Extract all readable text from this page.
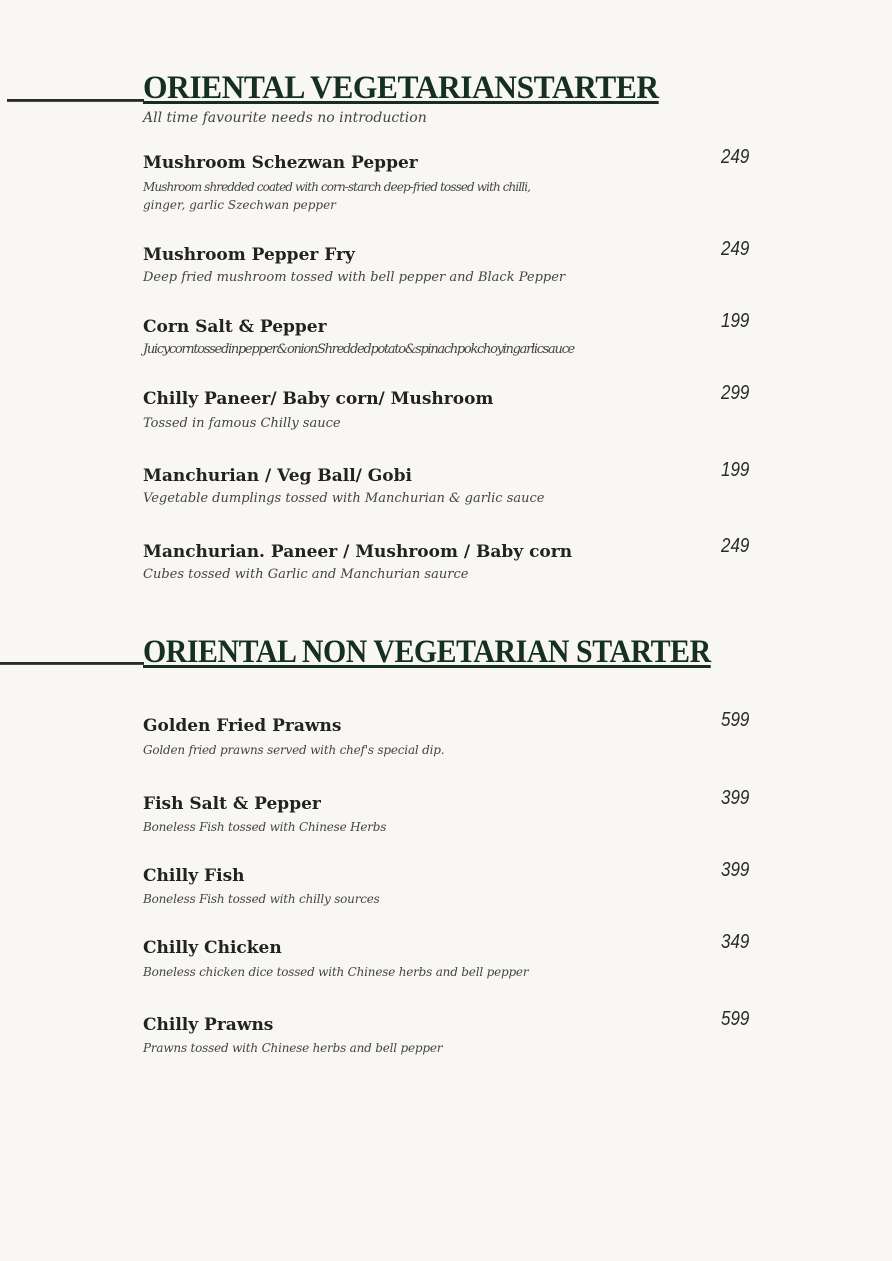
ORIENTAL VEGETARIANSTARTER
All time favourite needs no introduction
Mushroom Schezwan Pepper
Mushroom shredded coated with corn-starch deep-fried tossed with chilli,
ginger, garlic Szechwan pepper
249
Mushroom Pepper Fry
Deep fried mushroom tossed with bell pepper and Black Pepper
249
Corn Salt & Pepper
Juicycorntossedinpepper&onionShreddedpotato&spinachpokchoyingarlicsauce
199
Chilly Paneer/ Baby corn/ Mushroom
Tossed in famous Chilly sauce
299
Manchurian / Veg Ball/ Gobi
Vegetable dumplings tossed with Manchurian & garlic sauce
199
Manchurian. Paneer / Mushroom / Baby corn
Cubes tossed with Garlic and Manchurian saurce
249
ORIENTAL NON VEGETARIAN STARTER
Golden Fried Prawns
Golden fried prawns served with chef's special dip.
599
Fish Salt & Pepper
Boneless Fish tossed with Chinese Herbs
399
Chilly Fish
Boneless Fish tossed with chilly sources
399
Chilly Chicken
Boneless chicken dice tossed with Chinese herbs and bell pepper
349
Chilly Prawns
Prawns tossed with Chinese herbs and bell pepper
599
